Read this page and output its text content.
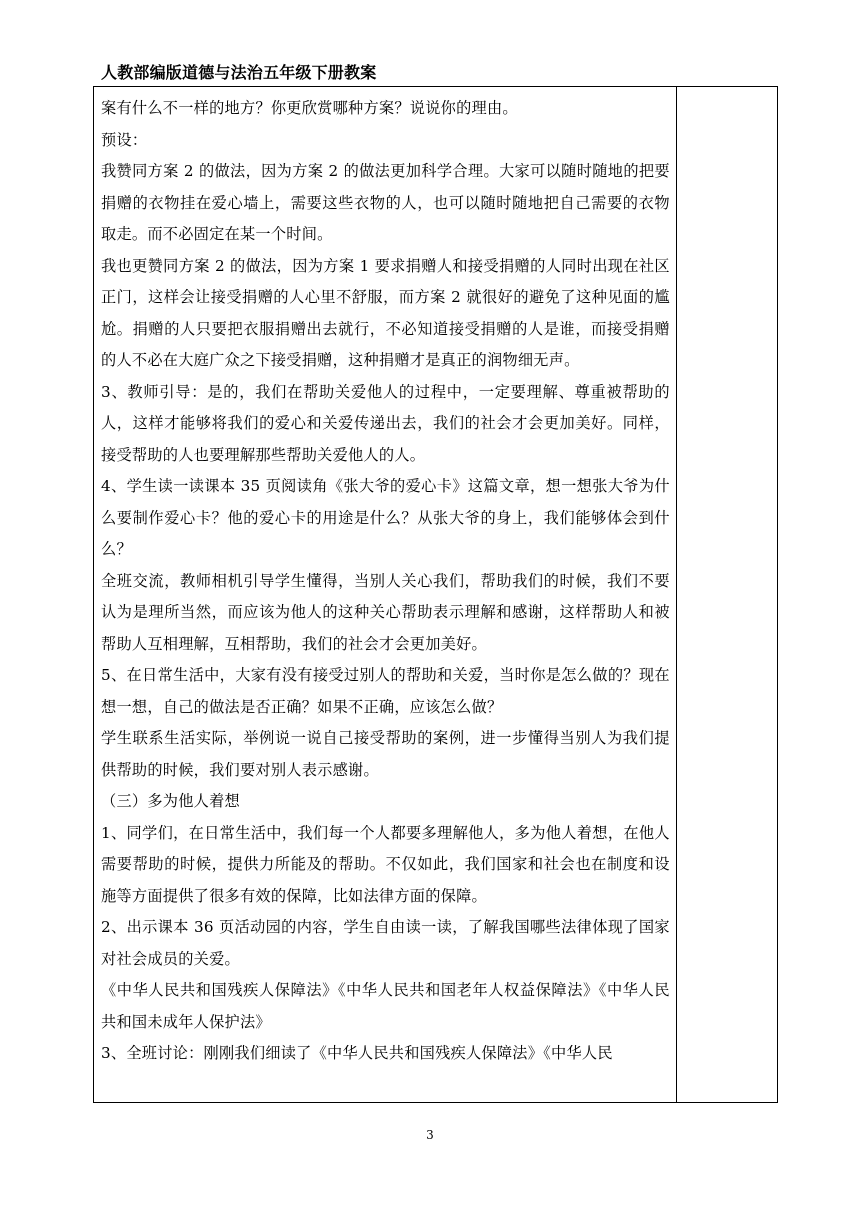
人教部编版道德与法治五年级下册教案

案有什么不一样的地方？你更欣赏哪种方案？说说你的理由。

预设：

我赞同方案 2 的做法，因为方案 2 的做法更加科学合理。大家可以随时随地的把要捐赠的衣物挂在爱心墙上，需要这些衣物的人，也可以随时随地把自己需要的衣物取走。而不必固定在某一个时间。

我也更赞同方案 2 的做法，因为方案 1 要求捐赠人和接受捐赠的人同时出现在社区正门，这样会让接受捐赠的人心里不舒服，而方案 2 就很好的避免了这种见面的尴尬。捐赠的人只要把衣服捐赠出去就行，不必知道接受捐赠的人是谁，而接受捐赠的人不必在大庭广众之下接受捐赠，这种捐赠才是真正的润物细无声。

3、教师引导：是的，我们在帮助关爱他人的过程中，一定要理解、尊重被帮助的人，这样才能够将我们的爱心和关爱传递出去，我们的社会才会更加美好。同样，接受帮助的人也要理解那些帮助关爱他人的人。

4、学生读一读课本 35 页阅读角《张大爷的爱心卡》这篇文章，想一想张大爷为什么要制作爱心卡？他的爱心卡的用途是什么？从张大爷的身上，我们能够体会到什么？

全班交流，教师相机引导学生懂得，当别人关心我们，帮助我们的时候，我们不要认为是理所当然，而应该为他人的这种关心帮助表示理解和感谢，这样帮助人和被帮助人互相理解，互相帮助，我们的社会才会更加美好。

5、在日常生活中，大家有没有接受过别人的帮助和关爱，当时你是怎么做的？现在想一想，自己的做法是否正确？如果不正确，应该怎么做？

学生联系生活实际，举例说一说自己接受帮助的案例，进一步懂得当别人为我们提供帮助的时候，我们要对别人表示感谢。

（三）多为他人着想

1、同学们，在日常生活中，我们每一个人都要多理解他人，多为他人着想，在他人需要帮助的时候，提供力所能及的帮助。不仅如此，我们国家和社会也在制度和设施等方面提供了很多有效的保障，比如法律方面的保障。

2、出示课本 36 页活动园的内容，学生自由读一读，了解我国哪些法律体现了国家对社会成员的关爱。

《中华人民共和国残疾人保障法》《中华人民共和国老年人权益保障法》《中华人民共和国未成年人保护法》

3、全班讨论：刚刚我们细读了《中华人民共和国残疾人保障法》《中华人民

3
